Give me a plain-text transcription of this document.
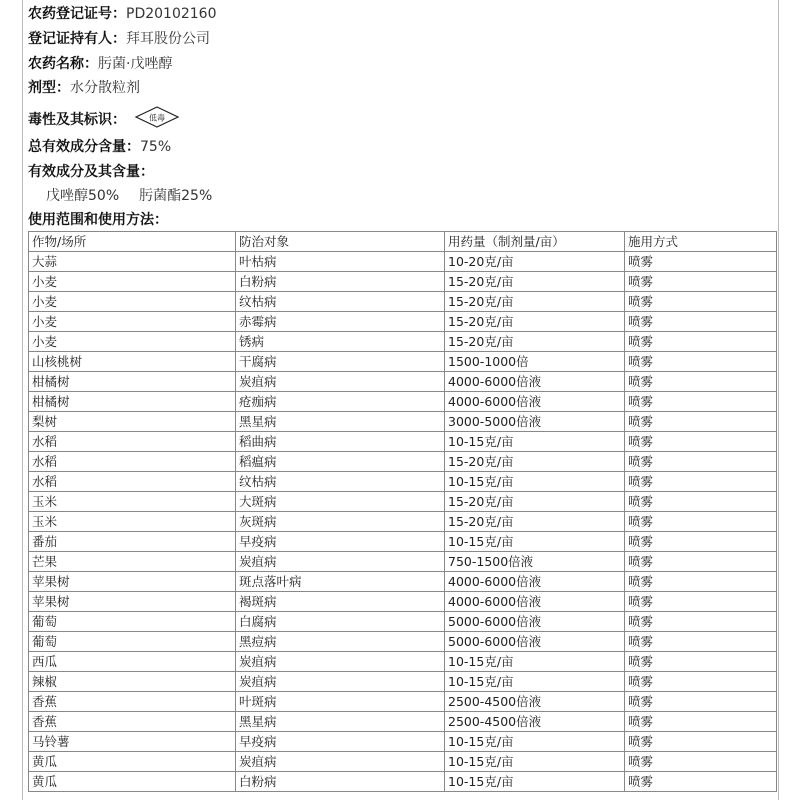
农药登记证号：PD20102160
登记证持有人：拜耳股份公司
农药名称：肟菌·戊唑醇
剂型：水分散粒剂
毒性及其标识：	低毒
总有效成分含量：75%
有效成分及其含量：
戊唑醇50% 肟菌酯25%
使用范围和使用方法：
作物/场所	防治对象	用药量（制剂量/亩）	施用方式
大蒜	叶枯病	10-20克/亩	喷雾
小麦	白粉病	15-20克/亩	喷雾
小麦	纹枯病	15-20克/亩	喷雾
小麦	赤霉病	15-20克/亩	喷雾
小麦	锈病	15-20克/亩	喷雾
山核桃树	干腐病	1500-1000倍	喷雾
柑橘树	炭疽病	4000-6000倍液	喷雾
柑橘树	疮痂病	4000-6000倍液	喷雾
梨树	黑星病	3000-5000倍液	喷雾
水稻	稻曲病	10-15克/亩	喷雾
水稻	稻瘟病	15-20克/亩	喷雾
水稻	纹枯病	10-15克/亩	喷雾
玉米	大斑病	15-20克/亩	喷雾
玉米	灰斑病	15-20克/亩	喷雾
番茄	早疫病	10-15克/亩	喷雾
芒果	炭疽病	750-1500倍液	喷雾
苹果树	斑点落叶病	4000-6000倍液	喷雾
苹果树	褐斑病	4000-6000倍液	喷雾
葡萄	白腐病	5000-6000倍液	喷雾
葡萄	黑痘病	5000-6000倍液	喷雾
西瓜	炭疽病	10-15克/亩	喷雾
辣椒	炭疽病	10-15克/亩	喷雾
香蕉	叶斑病	2500-4500倍液	喷雾
香蕉	黑星病	2500-4500倍液	喷雾
马铃薯	早疫病	10-15克/亩	喷雾
黄瓜	炭疽病	10-15克/亩	喷雾
黄瓜	白粉病	10-15克/亩	喷雾
